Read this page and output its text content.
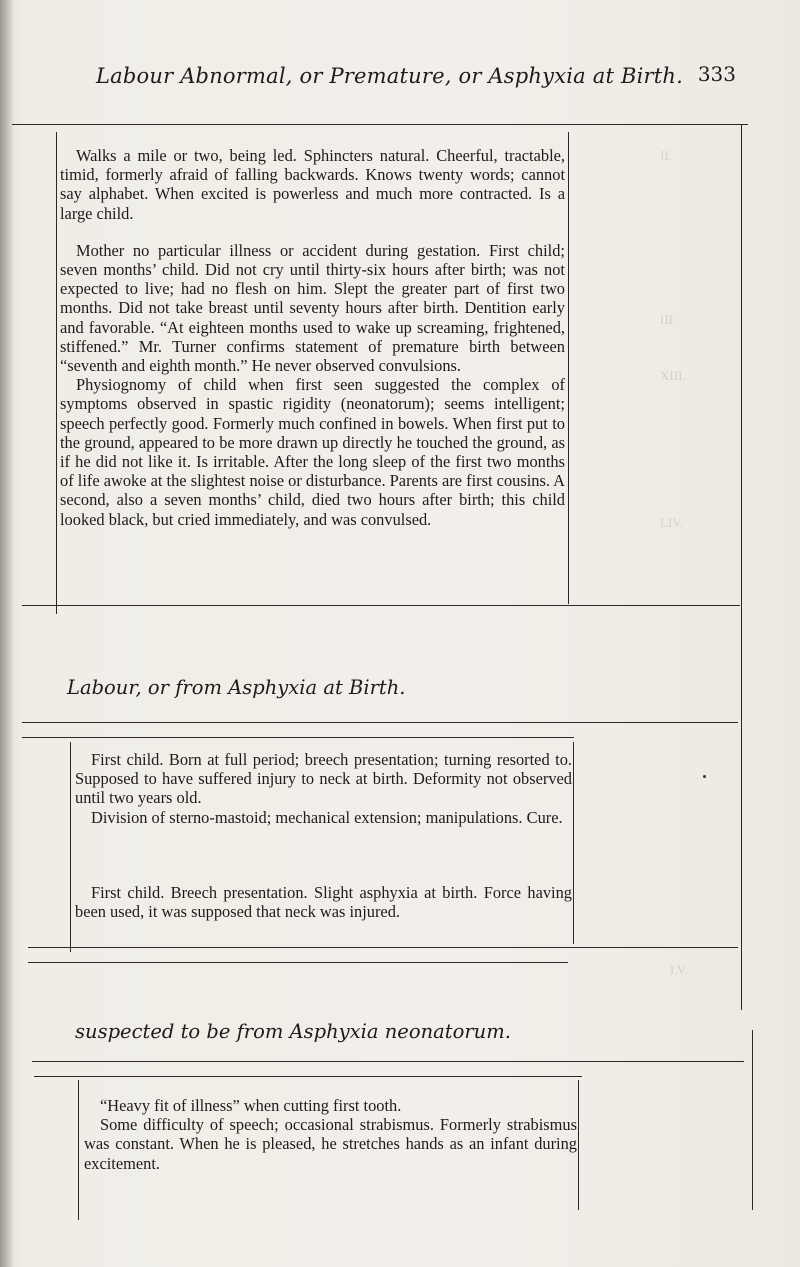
II.
III.
XIII.
LIV.
LV.
Labour Abnormal, or Premature, or Asphyxia at Birth. 333

Walks a mile or two, being led. Sphincters natural. Cheerful, tractable, timid, formerly afraid of falling backwards. Knows twenty words; cannot say alphabet. When excited is powerless and much more contracted. Is a large child.

Mother no particular illness or accident during gestation. First child; seven months’ child. Did not cry until thirty-six hours after birth; was not expected to live; had no flesh on him. Slept the greater part of first two months. Did not take breast until seventy hours after birth. Dentition early and favorable. “At eighteen months used to wake up screaming, frightened, stiffened.” Mr. Turner confirms statement of premature birth between “seventh and eighth month.” He never observed convulsions.

Physiognomy of child when first seen suggested the complex of symptoms observed in spastic rigidity (neonatorum); seems intelligent; speech perfectly good. Formerly much confined in bowels. When first put to the ground, appeared to be more drawn up directly he touched the ground, as if he did not like it. Is irritable. After the long sleep of the first two months of life awoke at the slightest noise or disturbance. Parents are first cousins. A second, also a seven months’ child, died two hours after birth; this child looked black, but cried immediately, and was convulsed.

Labour, or from Asphyxia at Birth.

First child. Born at full period; breech presentation; turning resorted to. Supposed to have suffered injury to neck at birth. Deformity not observed until two years old.

Division of sterno-mastoid; mechanical extension; manipulations. Cure.

First child. Breech presentation. Slight asphyxia at birth. Force having been used, it was supposed that neck was injured.

suspected to be from Asphyxia neonatorum.

“Heavy fit of illness” when cutting first tooth.

Some difficulty of speech; occasional strabismus. Formerly strabismus was constant. When he is pleased, he stretches hands as an infant during excitement.
